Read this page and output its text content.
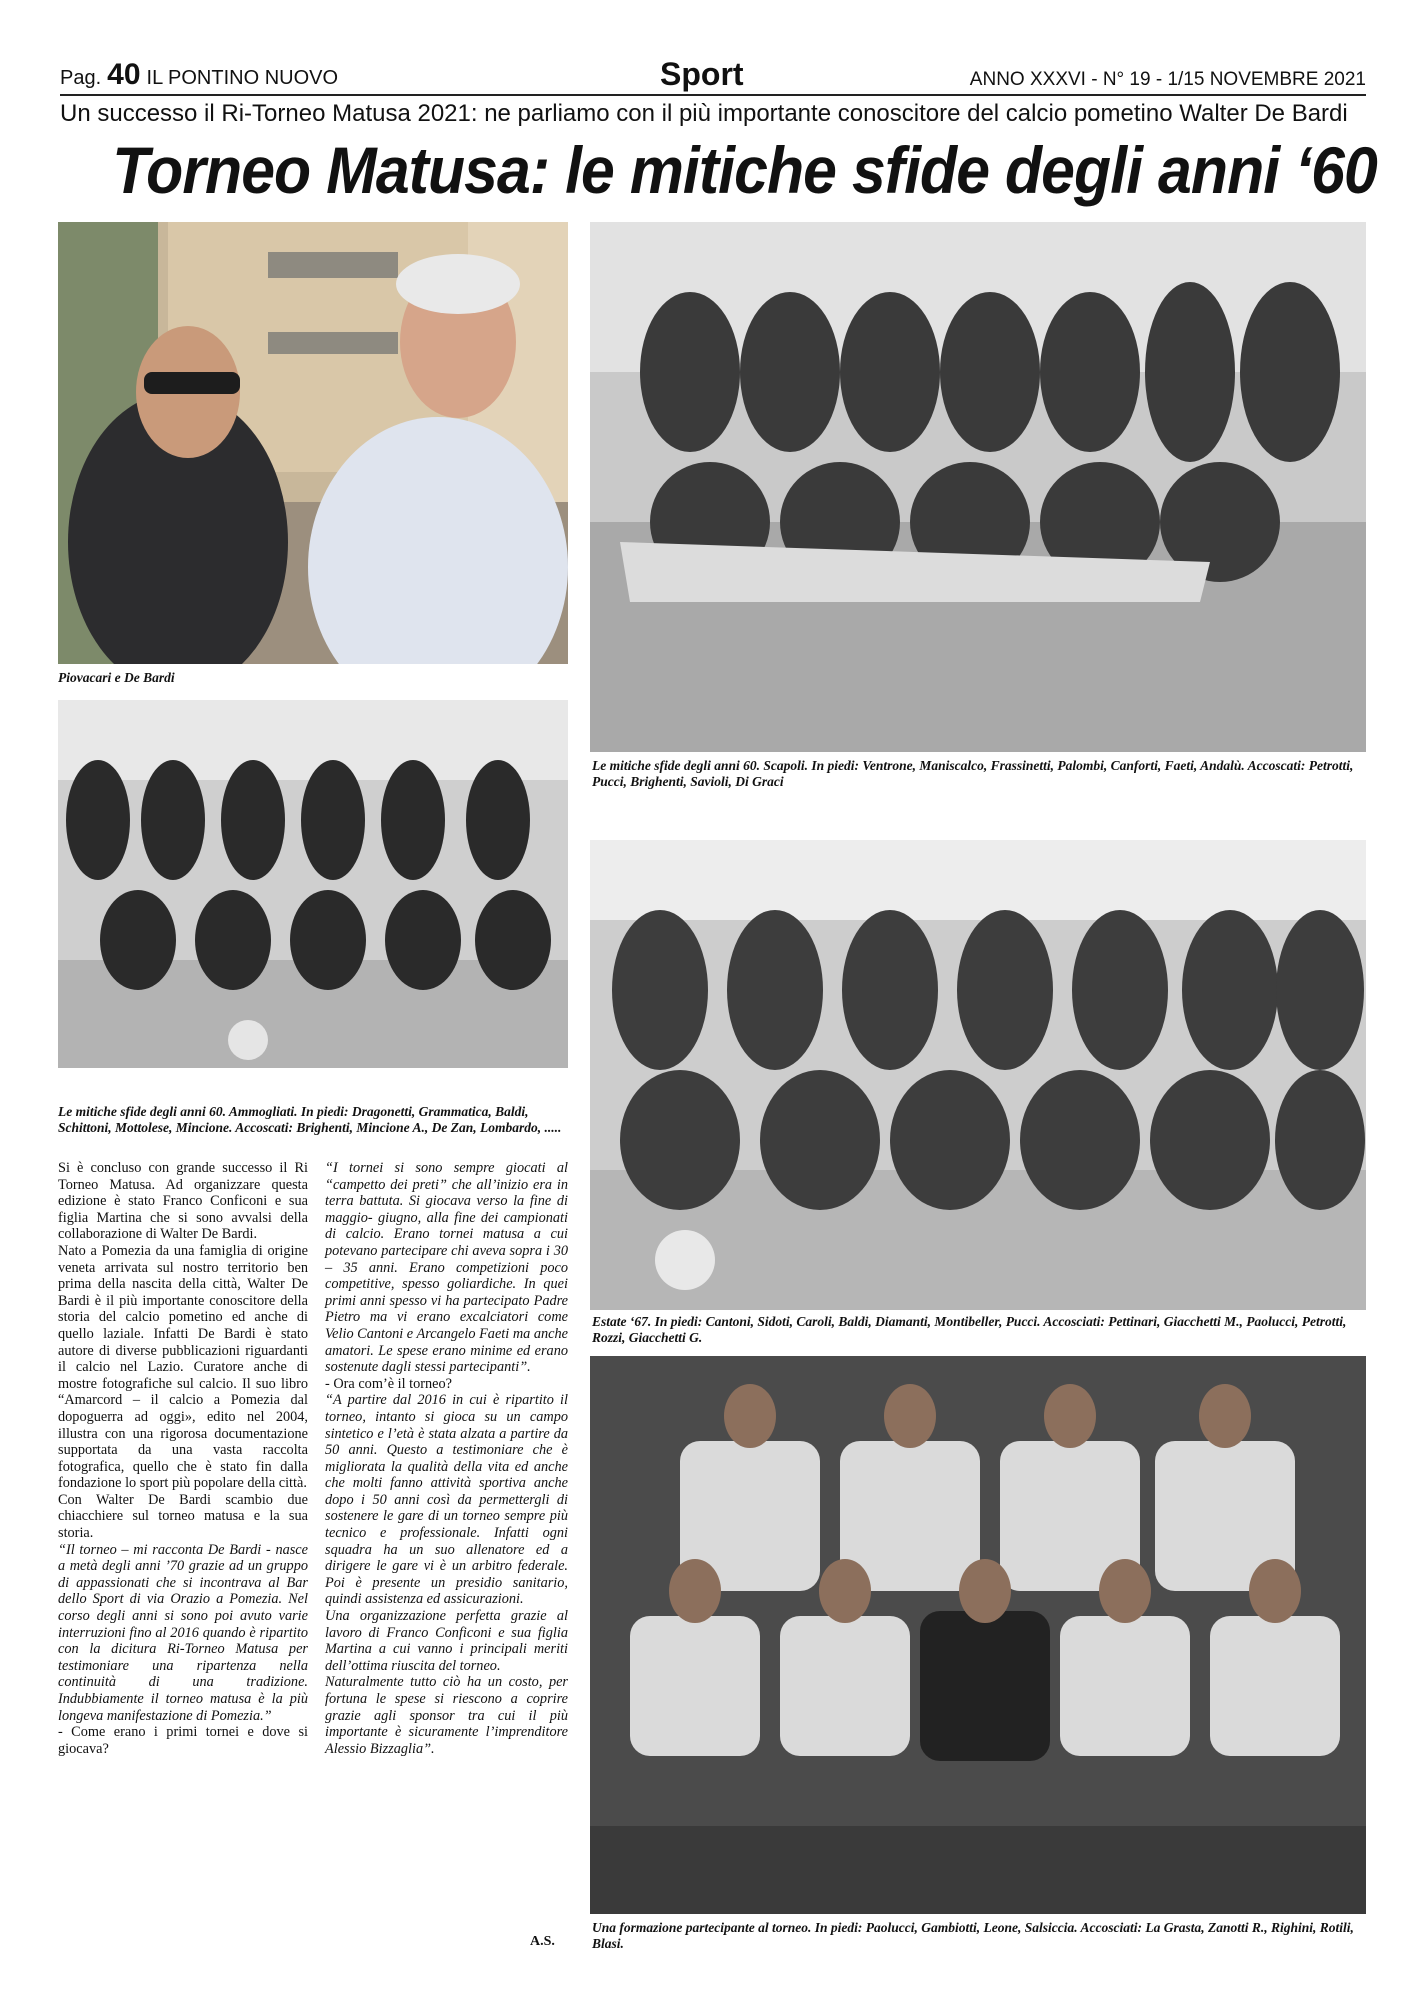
Pag. 40 IL PONTINO NUOVO	Sport	ANNO XXXVI - N° 19 - 1/15 NOVEMBRE 2021
Un successo il Ri-Torneo Matusa 2021: ne parliamo con il più importante conoscitore del calcio pometino Walter De Bardi
Torneo Matusa: le mitiche sfide degli anni ‘60
Piovacari e De Bardi
Le mitiche sfide degli anni 60. Scapoli. In piedi: Ventrone, Maniscalco, Frassinetti, Palombi, Canforti, Faeti, Andalù. Accoscati: Petrotti, Pucci, Brighenti, Savioli, Di Graci
Le mitiche sfide degli anni 60. Ammogliati. In piedi: Dragonetti, Grammatica, Baldi, Schittoni, Mottolese, Mincione. Accoscati: Brighenti, Mincione A., De Zan, Lombardo, .....
Estate ‘67. In piedi: Cantoni, Sidoti, Caroli, Baldi, Diamanti, Montibeller, Pucci. Accosciati: Pettinari, Giacchetti M., Paolucci, Petrotti, Rozzi, Giacchetti G.
Una formazione partecipante al torneo. In piedi: Paolucci, Gambiotti, Leone, Salsiccia. Accosciati: La Grasta, Zanotti R., Righini, Rotili, Blasi.

Si è concluso con grande successo il Ri Torneo Matusa. Ad organizzare questa edizione è stato Franco Conficoni e sua figlia Martina che si sono avvalsi della collaborazione di Walter De Bardi.

Nato a Pomezia da una famiglia di origine veneta arrivata sul nostro territorio ben prima della nascita della città, Walter De Bardi è il più importante conoscitore della storia del calcio pometino ed anche di quello laziale. Infatti De Bardi è stato autore di diverse pubblicazioni riguardanti il calcio nel Lazio. Curatore anche di mostre fotografiche sul calcio. Il suo libro “Amarcord – il calcio a Pomezia dal dopoguerra ad oggi», edito nel 2004, illustra con una rigorosa documentazione supportata da una vasta raccolta fotografica, quello che è stato fin dalla fondazione lo sport più popolare della città.

Con Walter De Bardi scambio due chiacchiere sul torneo matusa e la sua storia.

“Il torneo – mi racconta De Bardi - nasce a metà degli anni ’70 grazie ad un gruppo di appassionati che si incontrava al Bar dello Sport di via Orazio a Pomezia. Nel corso degli anni si sono poi avuto varie interruzioni fino al 2016 quando è ripartito con la dicitura Ri-Torneo Matusa per testimoniare una ripartenza nella continuità di una tradizione. Indubbiamente il torneo matusa è la più longeva manifestazione di Pomezia.”

- Come erano i primi tornei e dove si giocava?

“I tornei si sono sempre giocati al “campetto dei preti” che all’inizio era in terra battuta. Si giocava verso la fine di maggio- giugno, alla fine dei campionati di calcio. Erano tornei matusa a cui potevano partecipare chi aveva sopra i 30 – 35 anni. Erano competizioni poco competitive, spesso goliardiche. In quei primi anni spesso vi ha partecipato Padre Pietro ma vi erano excalciatori come Velio Cantoni e Arcangelo Faeti ma anche amatori. Le spese erano minime ed erano sostenute dagli stessi partecipanti”.

- Ora com’è il torneo?

“A partire dal 2016 in cui è ripartito il torneo, intanto si gioca su un campo sintetico e l’età è stata alzata a partire da 50 anni. Questo a testimoniare che è migliorata la qualità della vita ed anche che molti fanno attività sportiva anche dopo i 50 anni così da permettergli di sostenere le gare di un torneo sempre più tecnico e professionale. Infatti ogni squadra ha un suo allenatore ed a dirigere le gare vi è un arbitro federale. Poi è presente un presidio sanitario, quindi assistenza ed assicurazioni.

Una organizzazione perfetta grazie al lavoro di Franco Conficoni e sua figlia Martina a cui vanno i principali meriti dell’ottima riuscita del torneo.

Naturalmente tutto ciò ha un costo, per fortuna le spese si riescono a coprire grazie agli sponsor tra cui il più importante è sicuramente l’imprenditore Alessio Bizzaglia”.

A.S.
